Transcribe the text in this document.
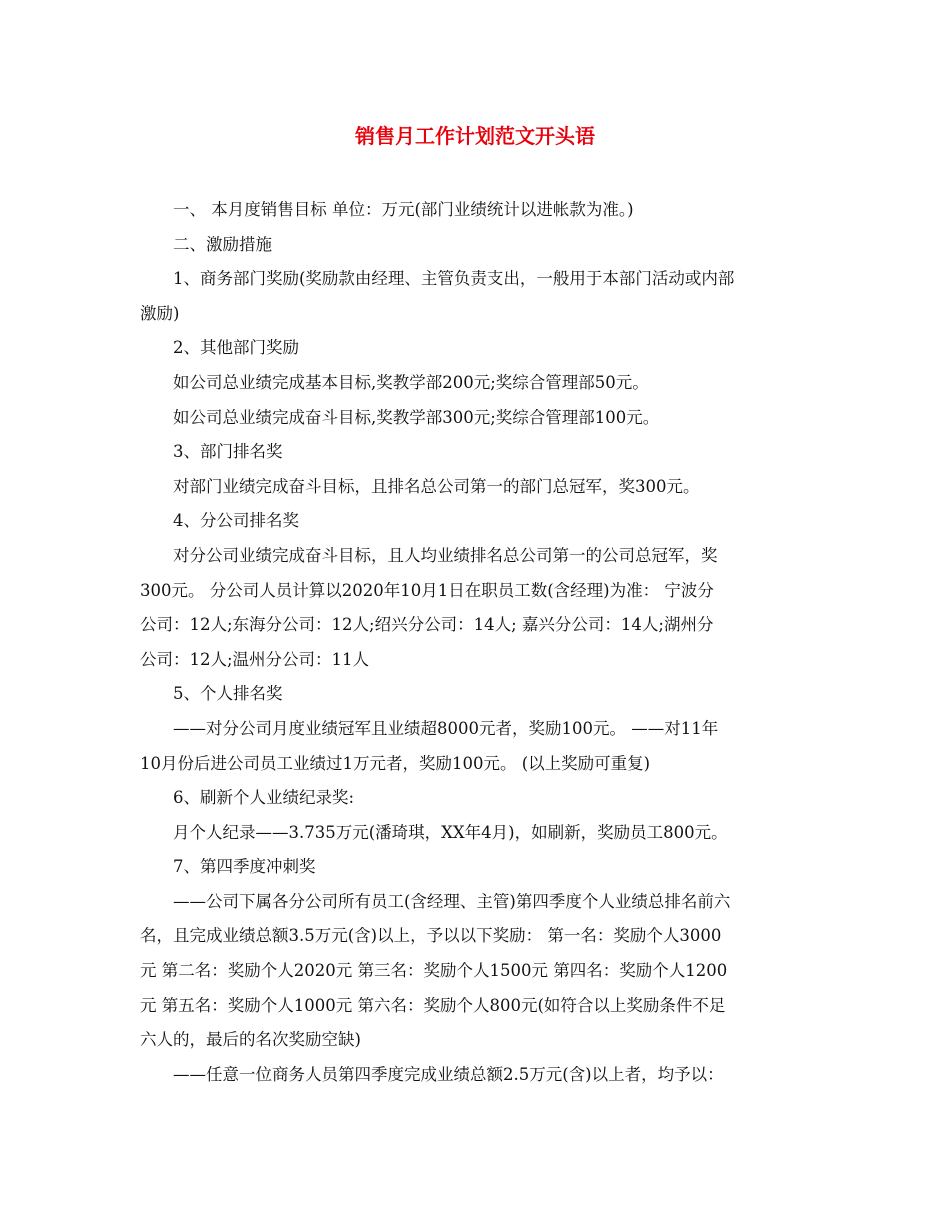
销售月工作计划范文开头语
一、 本月度销售目标 单位：万元(部门业绩统计以进帐款为准。)
二、激励措施
1、商务部门奖励(奖励款由经理、主管负责支出，一般用于本部门活动或内部
激励)
2、其他部门奖励
如公司总业绩完成基本目标,奖教学部200元;奖综合管理部50元。
如公司总业绩完成奋斗目标,奖教学部300元;奖综合管理部100元。
3、部门排名奖
对部门业绩完成奋斗目标，且排名总公司第一的部门总冠军，奖300元。
4、分公司排名奖
对分公司业绩完成奋斗目标，且人均业绩排名总公司第一的公司总冠军，奖
300元。 分公司人员计算以2020年10月1日在职员工数(含经理)为准： 宁波分
公司：12人;东海分公司：12人;绍兴分公司：14人; 嘉兴分公司：14人;湖州分
公司：12人;温州分公司：11人
5、个人排名奖
——对分公司月度业绩冠军且业绩超8000元者，奖励100元。 ——对11年
10月份后进公司员工业绩过1万元者，奖励100元。 (以上奖励可重复)
6、刷新个人业绩纪录奖:
月个人纪录——3.735万元(潘琦琪，XX年4月)，如刷新，奖励员工800元。
7、第四季度冲刺奖
——公司下属各分公司所有员工(含经理、主管)第四季度个人业绩总排名前六
名，且完成业绩总额3.5万元(含)以上，予以以下奖励： 第一名：奖励个人3000
元 第二名：奖励个人2020元 第三名：奖励个人1500元 第四名：奖励个人1200
元 第五名：奖励个人1000元 第六名：奖励个人800元(如符合以上奖励条件不足
六人的，最后的名次奖励空缺)
——任意一位商务人员第四季度完成业绩总额2.5万元(含)以上者，均予以：
